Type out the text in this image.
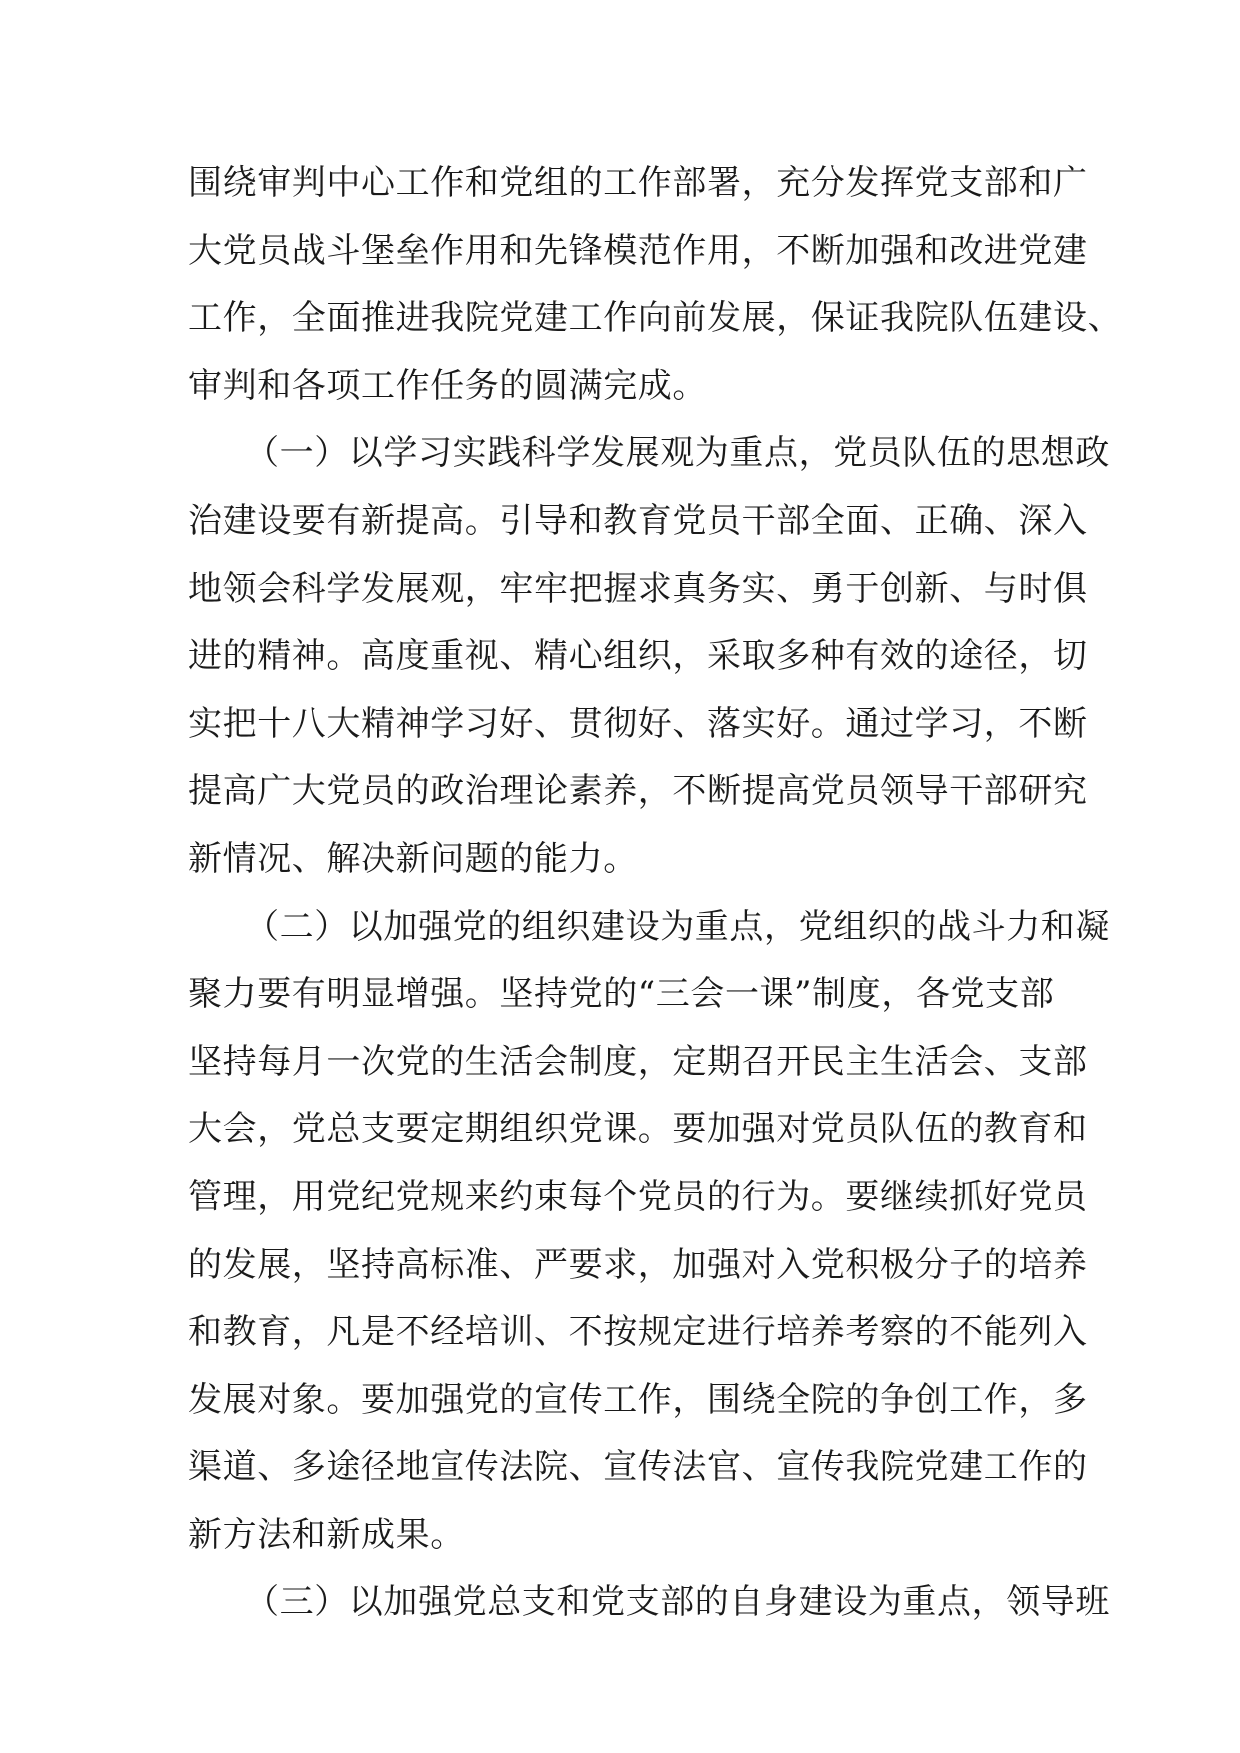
围绕审判中心工作和党组的工作部署，充分发挥党支部和广
大党员战斗堡垒作用和先锋模范作用，不断加强和改进党建
工作，全面推进我院党建工作向前发展，保证我院队伍建设、
审判和各项工作任务的圆满完成。

（一）以学习实践科学发展观为重点，党员队伍的思想政
治建设要有新提高。引导和教育党员干部全面、正确、深入
地领会科学发展观，牢牢把握求真务实、勇于创新、与时俱
进的精神。高度重视、精心组织，采取多种有效的途径，切
实把十八大精神学习好、贯彻好、落实好。通过学习，不断
提高广大党员的政治理论素养，不断提高党员领导干部研究
新情况、解决新问题的能力。

（二）以加强党的组织建设为重点，党组织的战斗力和凝
聚力要有明显增强。坚持党的“三会一课”制度，各党支部
坚持每月一次党的生活会制度，定期召开民主生活会、支部
大会，党总支要定期组织党课。要加强对党员队伍的教育和
管理，用党纪党规来约束每个党员的行为。要继续抓好党员
的发展，坚持高标准、严要求，加强对入党积极分子的培养
和教育，凡是不经培训、不按规定进行培养考察的不能列入
发展对象。要加强党的宣传工作，围绕全院的争创工作，多
渠道、多途径地宣传法院、宣传法官、宣传我院党建工作的
新方法和新成果。

（三）以加强党总支和党支部的自身建设为重点，领导班
